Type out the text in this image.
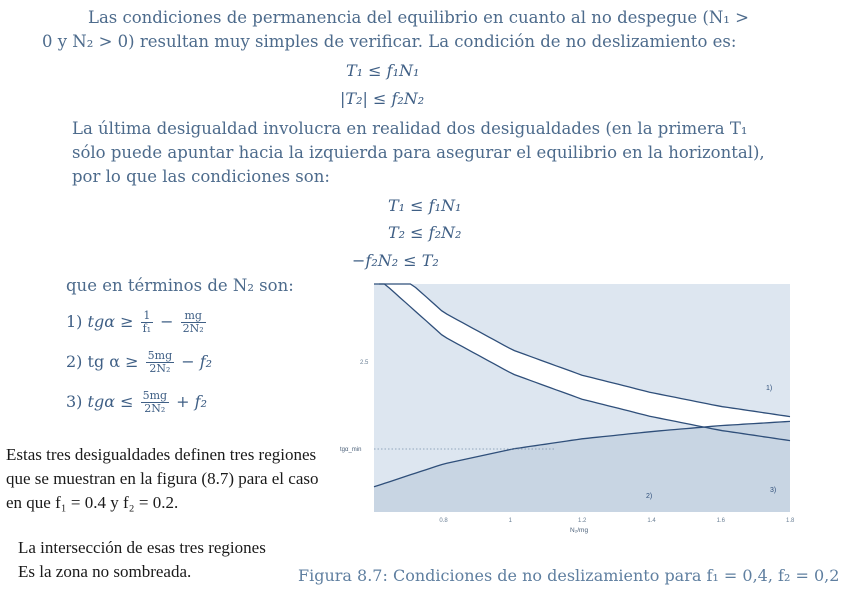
Las condiciones de permanencia del equilibrio en cuanto al no despegue (N₁ >
0 y N₂ > 0) resultan muy simples de verificar. La condición de no deslizamiento es:
T₁ ≤ f₁N₁
|T₂| ≤ f₂N₂
La última desigualdad involucra en realidad dos desigualdades (en la primera T₁
sólo puede apuntar hacia la izquierda para asegurar el equilibrio en la horizontal),
por lo que las condiciones son:
T₁ ≤ f₁N₁
T₂ ≤ f₂N₂
−f₂N₂ ≤ T₂
que en términos de N₂ son:
1) $tg\alpha \ge \frac{1}{\text{f₁}} - \frac{mg}{\text{2N₂}}$
2) tg $\alpha \ge \frac{5mg}{\text{2N₂}} - f_2$
3) $tg\alpha \le \frac{5mg}{\text{2N₂}} + f_2$
1)
2)
3)
0.8	1	1.2	1.4	1.6	1.8
2.5
tgα_min
N₂/mg
Estas tres desigualdades definen tres regiones
que se muestran en la figura (8.7) para el caso
en que f₁ = 0.4 y f₂ = 0.2.
La intersección de esas tres regiones
Es la zona no sombreada.	Figura 8.7: Condiciones de no deslizamiento para f₁ = 0,4, f₂ = 0,2
